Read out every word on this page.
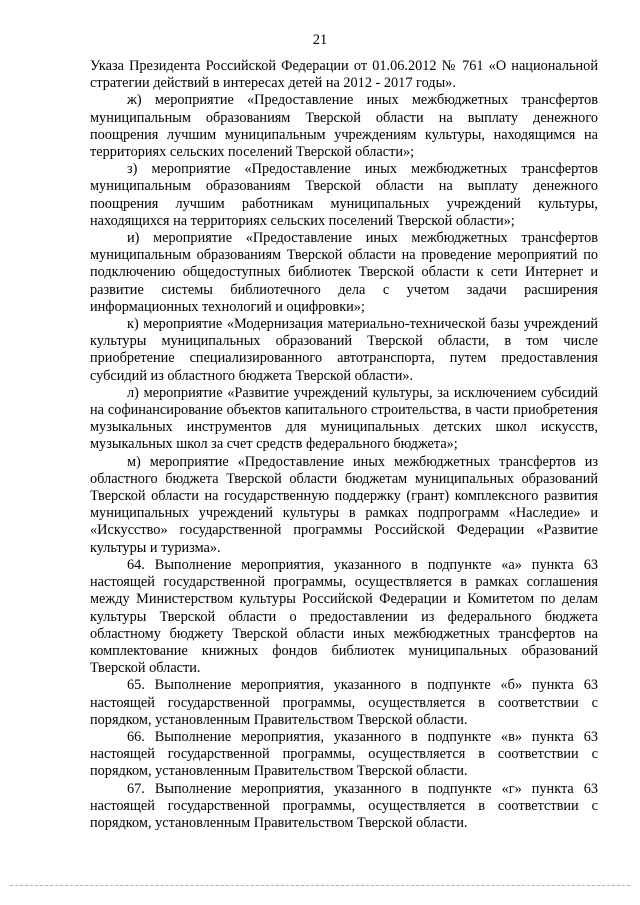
21

Указа Президента Российской Федерации от 01.06.2012 № 761 «О национальной стратегии действий в интересах детей на 2012 - 2017 годы».

ж) мероприятие «Предоставление иных межбюджетных трансфертов муниципальным образованиям Тверской области на выплату денежного поощрения лучшим муниципальным учреждениям культуры, находящимся на территориях сельских поселений Тверской области»;

з) мероприятие «Предоставление иных межбюджетных трансфертов муниципальным образованиям Тверской области на выплату денежного поощрения лучшим работникам муниципальных учреждений культуры, находящихся на территориях сельских поселений Тверской области»;

и) мероприятие «Предоставление иных межбюджетных трансфертов муниципальным образованиям Тверской области на проведение мероприятий по подключению общедоступных библиотек Тверской области к сети Интернет и развитие системы библиотечного дела с учетом задачи расширения информационных технологий и оцифровки»;

к) мероприятие «Модернизация материально-технической базы учреждений культуры муниципальных образований Тверской области, в том числе приобретение специализированного автотранспорта, путем предоставления субсидий из областного бюджета Тверской области».

л) мероприятие «Развитие учреждений культуры, за исключением субсидий на софинансирование объектов капитального строительства, в части приобретения музыкальных инструментов для муниципальных детских школ искусств, музыкальных школ за счет средств федерального бюджета»;

м) мероприятие «Предоставление иных межбюджетных трансфертов из областного бюджета Тверской области бюджетам муниципальных образований Тверской области на государственную поддержку (грант) комплексного развития муниципальных учреждений культуры в рамках подпрограмм «Наследие» и «Искусство» государственной программы Российской Федерации «Развитие культуры и туризма».

64. Выполнение мероприятия, указанного в подпункте «а» пункта 63 настоящей государственной программы, осуществляется в рамках соглашения между Министерством культуры Российской Федерации и Комитетом по делам культуры Тверской области о предоставлении из федерального бюджета областному бюджету Тверской области иных межбюджетных трансфертов на комплектование книжных фондов библиотек муниципальных образований Тверской области.

65. Выполнение мероприятия, указанного в подпункте «б» пункта 63 настоящей государственной программы, осуществляется в соответствии с порядком, установленным Правительством Тверской области.

66. Выполнение мероприятия, указанного в подпункте «в» пункта 63 настоящей государственной программы, осуществляется в соответствии с порядком, установленным Правительством Тверской области.

67. Выполнение мероприятия, указанного в подпункте «г» пункта 63 настоящей государственной программы, осуществляется в соответствии с порядком, установленным Правительством Тверской области.
